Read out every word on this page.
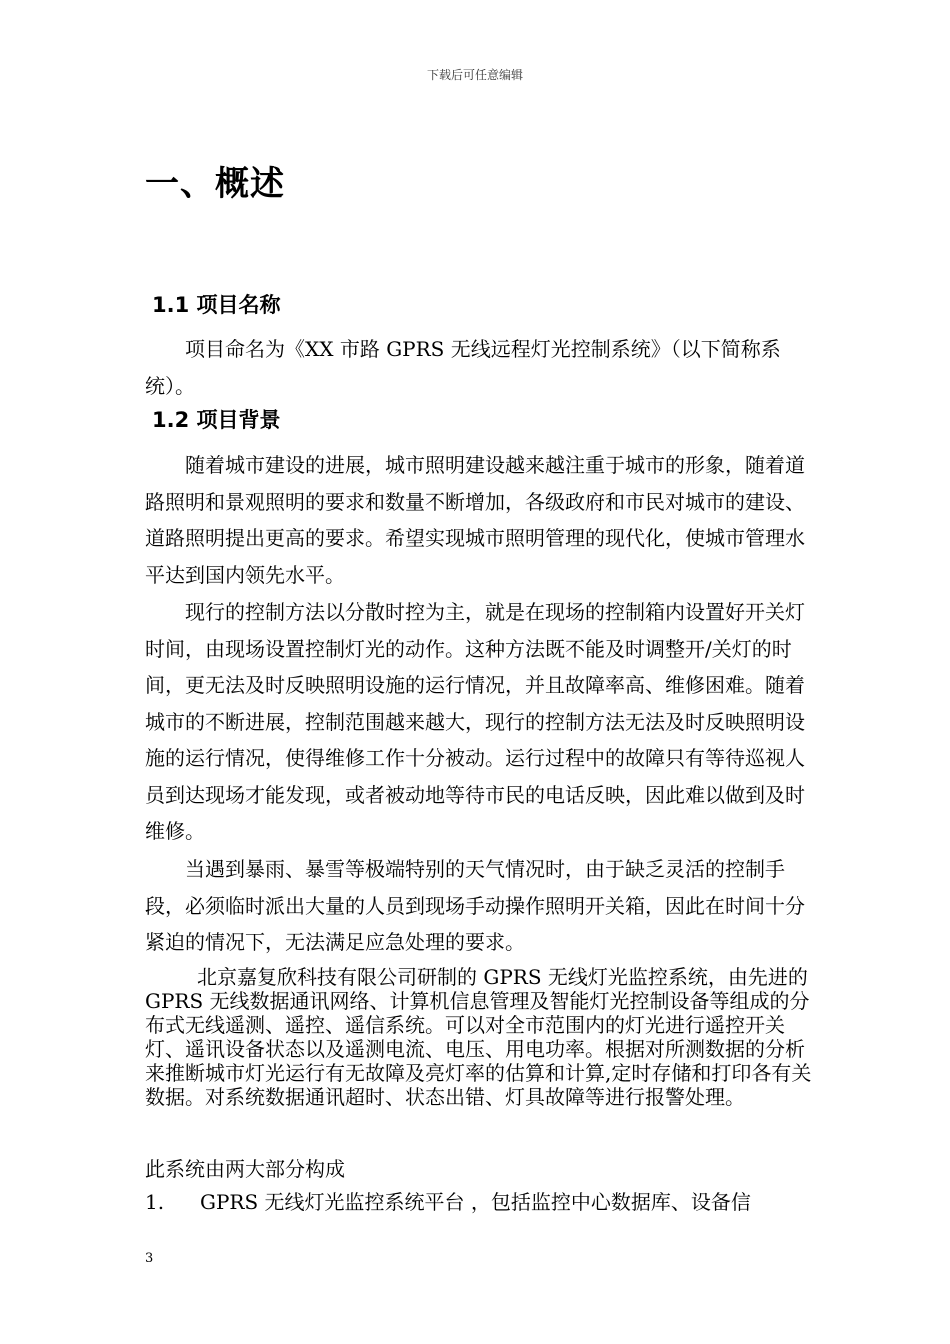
下载后可任意编辑
一、概述
1.1 项目名称

项目命名为《XX 市路 GPRS 无线远程灯光控制系统》（以下简称系统）。

1.2 项目背景

随着城市建设的进展，城市照明建设越来越注重于城市的形象，随着道路照明和景观照明的要求和数量不断增加，各级政府和市民对城市的建设、道路照明提出更高的要求。希望实现城市照明管理的现代化，使城市管理水平达到国内领先水平。

现行的控制方法以分散时控为主，就是在现场的控制箱内设置好开关灯时间，由现场设置控制灯光的动作。这种方法既不能及时调整开/关灯的时间，更无法及时反映照明设施的运行情况，并且故障率高、维修困难。随着城市的不断进展，控制范围越来越大，现行的控制方法无法及时反映照明设施的运行情况，使得维修工作十分被动。运行过程中的故障只有等待巡视人员到达现场才能发现，或者被动地等待市民的电话反映，因此难以做到及时维修。

当遇到暴雨、暴雪等极端特别的天气情况时，由于缺乏灵活的控制手段，必须临时派出大量的人员到现场手动操作照明开关箱，因此在时间十分紧迫的情况下，无法满足应急处理的要求。

北京嘉复欣科技有限公司研制的 GPRS 无线灯光监控系统，由先进的 GPRS 无线数据通讯网络、计算机信息管理及智能灯光控制设备等组成的分布式无线遥测、遥控、遥信系统。可以对全市范围内的灯光进行遥控开关灯、遥讯设备状态以及遥测电流、电压、用电功率。根据对所测数据的分析来推断城市灯光运行有无故障及亮灯率的估算和计算,定时存储和打印各有关数据。对系统数据通讯超时、状态出错、灯具故障等进行报警处理。

此系统由两大部分构成

1. GPRS 无线灯光监控系统平台 ，包括监控中心数据库、设备信
3
